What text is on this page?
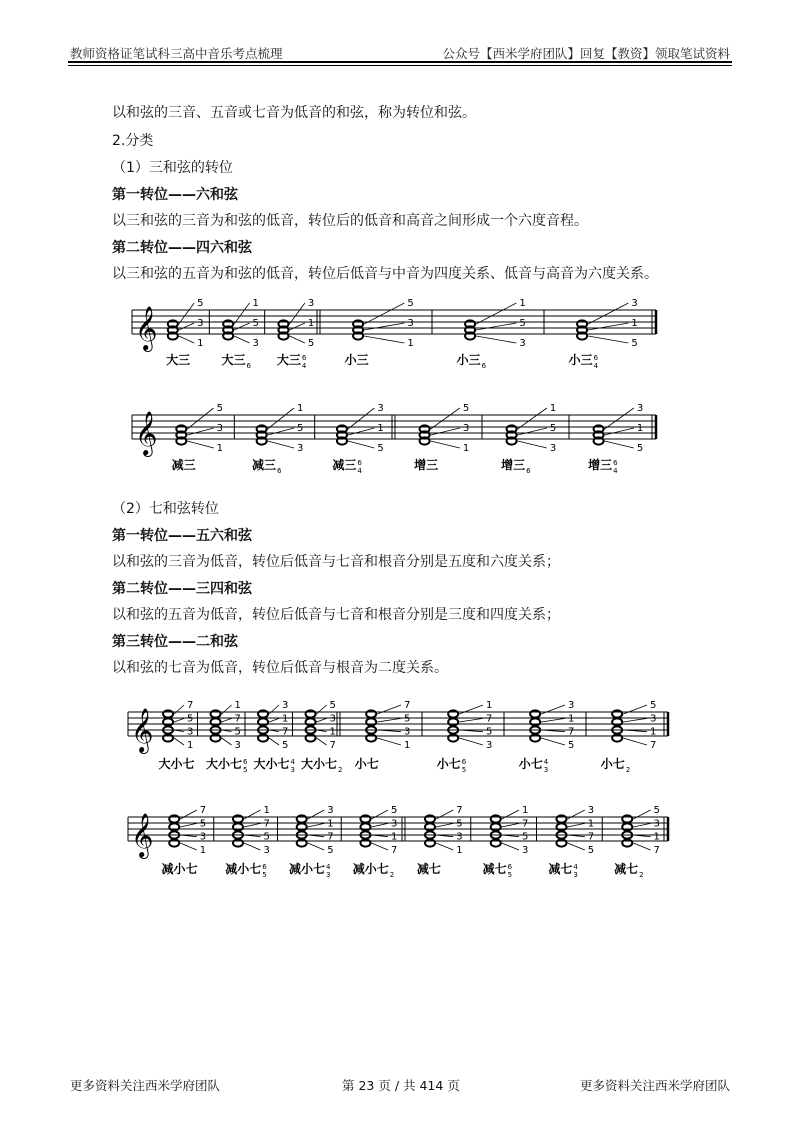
教师资格证笔试科三高中音乐考点梳理	公众号【西米学府团队】回复【教资】领取笔试资料
以和弦的三音、五音或七音为低音的和弦，称为转位和弦。
2.分类
（1）三和弦的转位
第一转位——六和弦
以三和弦的三音为和弦的低音，转位后的低音和高音之间形成一个六度音程。
第二转位——四六和弦
以三和弦的五音为和弦的低音，转位后低音与中音为四度关系、低音与高音为六度关系。
𝄞
5
3
1
大三
1
5
3
大三 6
3
1
5
大三 6
4
5
3
1
小三
1
5
3
小三 6
3
1
5
小三 6
4
𝄞
5
3
1
减三
1
5
3
减三 6
3
1
5
减三 6
4
5
3
1
增三
1
5
3
增三 6
3
1
5
增三 6
4
（2）七和弦转位
第一转位——五六和弦
以和弦的三音为低音，转位后低音与七音和根音分别是五度和六度关系；
第二转位——三四和弦
以和弦的五音为低音，转位后低音与七音和根音分别是三度和四度关系；
第三转位——二和弦
以和弦的七音为低音，转位后低音与根音为二度关系。
𝄞
7
5
3
1
大小七
1
7
5
3
大小七 6
5
3
1
7
5
大小七 4
3
5
3
1
7
大小七 2
7
5
3
1
小七
1
7
5
3
小七 6
5
3
1
7
5
小七 4
3
5
3
1
7
小七 2
𝄞
7
5
3
1
减小七
1
7
5
3
减小七 6
5
3
1
7
5
减小七 4
3
5
3
1
7
减小七 2
7
5
3
1
减七
1
7
5
3
减七 6
5
3
1
7
5
减七 4
3
5
3
1
7
减七 2
更多资料关注西米学府团队	第 23 页 / 共 414 页	更多资料关注西米学府团队
